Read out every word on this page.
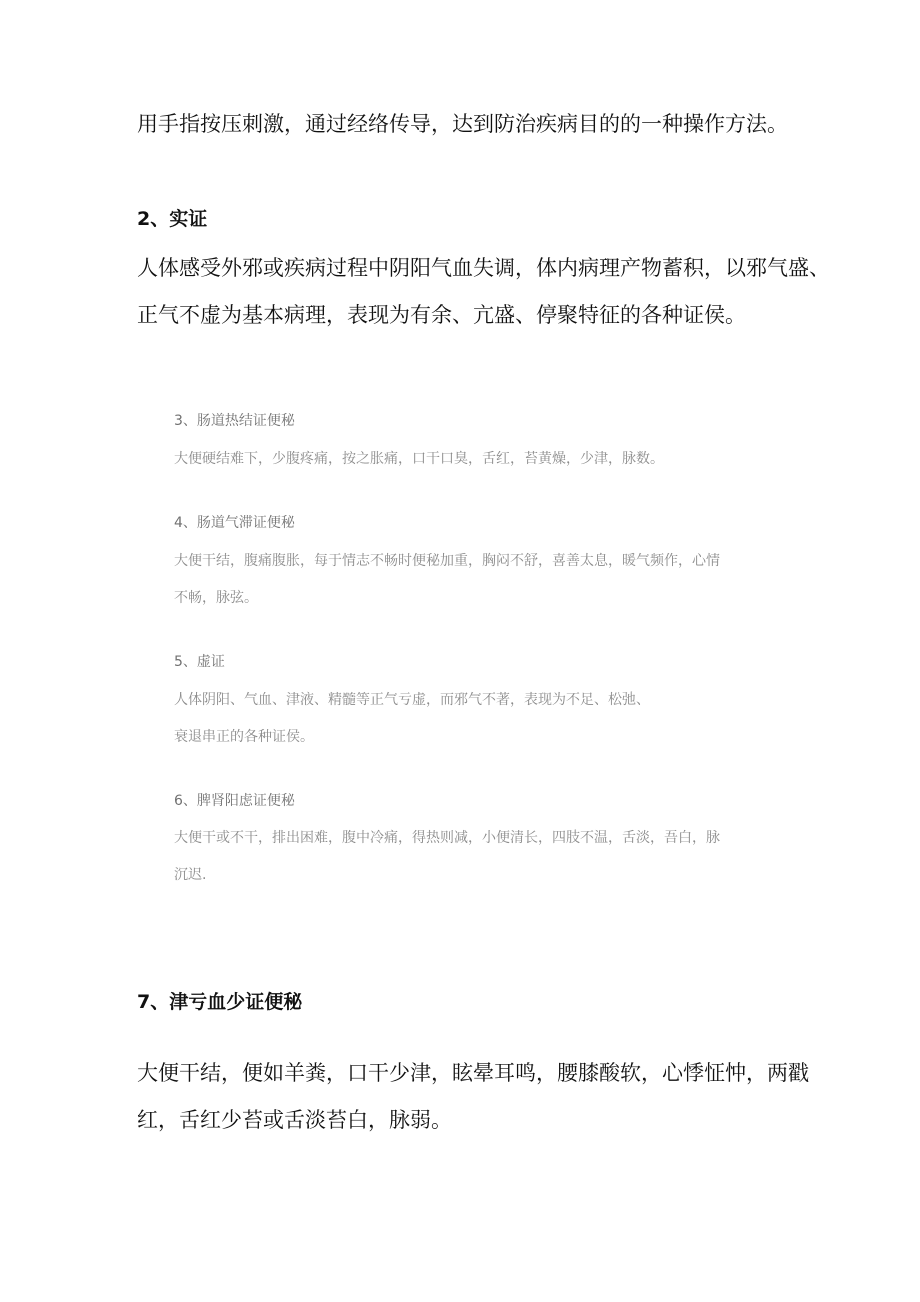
用手指按压刺激，通过经络传导，达到防治疾病目的的一种操作方法。

2、实证

人体感受外邪或疾病过程中阴阳气血失调，体内病理产物蓄积，以邪气盛、

正气不虚为基本病理，表现为有余、亢盛、停聚特征的各种证侯。

3、肠道热结证便秘

大便硬结难下，少腹疼痛，按之胀痛，口干口臭，舌红，苔黄燥，少津，脉数。

4、肠道气滞证便秘

大便干结，腹痛腹胀，每于情志不畅时便秘加重，胸闷不舒，喜善太息，暖气频作，心情

不畅，脉弦。

5、虚证

人体阴阳、气血、津液、精髓等正气亏虚，而邪气不著，表现为不足、松弛、

衰退串正的各种证侯。

6、脾肾阳虑证便秘

大便干或不干，排出困难，腹中冷痛，得热则减，小便清长，四肢不温，舌淡，吾白，脉

沉迟.

7、津亏血少证便秘

大便干结，便如羊粪，口干少津，眩晕耳鸣，腰膝酸软，心悸怔忡，两戳

红，舌红少苔或舌淡苔白，脉弱。
